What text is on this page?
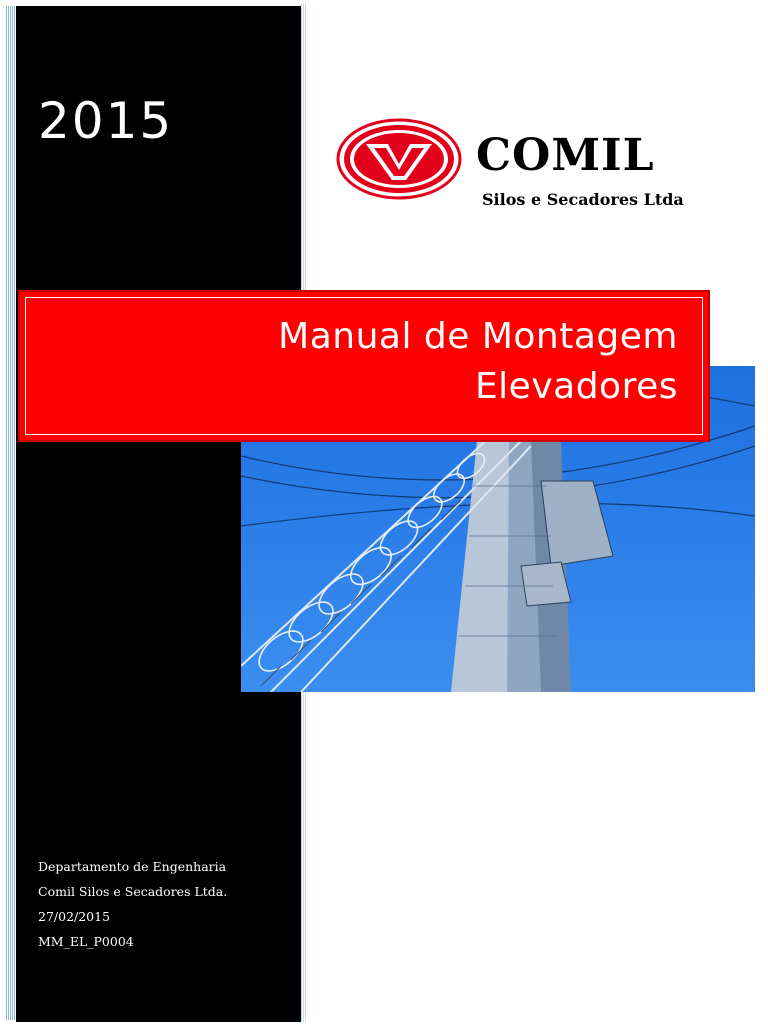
2015
COMIL
Silos e Secadores Ltda
Manual de Montagem
Elevadores
Departamento de Engenharia
Comil Silos e Secadores Ltda.
27/02/2015
MM_EL_P0004
